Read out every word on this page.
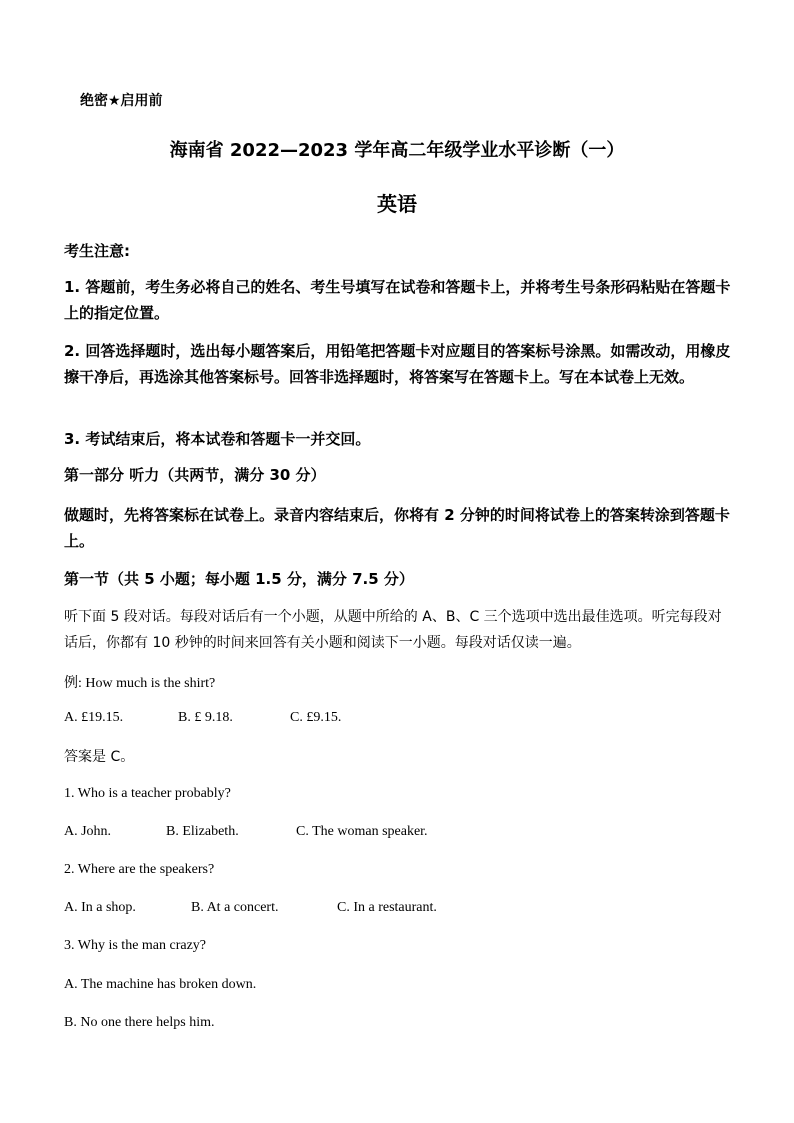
绝密★启用前
海南省 2022—2023 学年高二年级学业水平诊断（一）
英语
考生注意:
1. 答题前，考生务必将自己的姓名、考生号填写在试卷和答题卡上，并将考生号条形码粘贴在答题卡上的指定位置。
2. 回答选择题时，选出每小题答案后，用铅笔把答题卡对应题目的答案标号涂黑。如需改动，用橡皮擦干净后，再选涂其他答案标号。回答非选择题时，将答案写在答题卡上。写在本试卷上无效。
3. 考试结束后，将本试卷和答题卡一并交回。
第一部分 听力（共两节，满分 30 分）
做题时，先将答案标在试卷上。录音内容结束后，你将有 2 分钟的时间将试卷上的答案转涂到答题卡上。
第一节（共 5 小题；每小题 1.5 分，满分 7.5 分）
听下面 5 段对话。每段对话后有一个小题，从题中所给的 A、B、C 三个选项中选出最佳选项。听完每段对话后，你都有 10 秒钟的时间来回答有关小题和阅读下一小题。每段对话仅读一遍。
例: How much is the shirt?
A. £19.15.	B. £ 9.18.	C. £9.15.
答案是 C。
1. Who is a teacher probably?
A. John.	B. Elizabeth.	C. The woman speaker.
2. Where are the speakers?
A. In a shop.	B. At a concert.	C. In a restaurant.
3. Why is the man crazy?
A. The machine has broken down.
B. No one there helps him.
